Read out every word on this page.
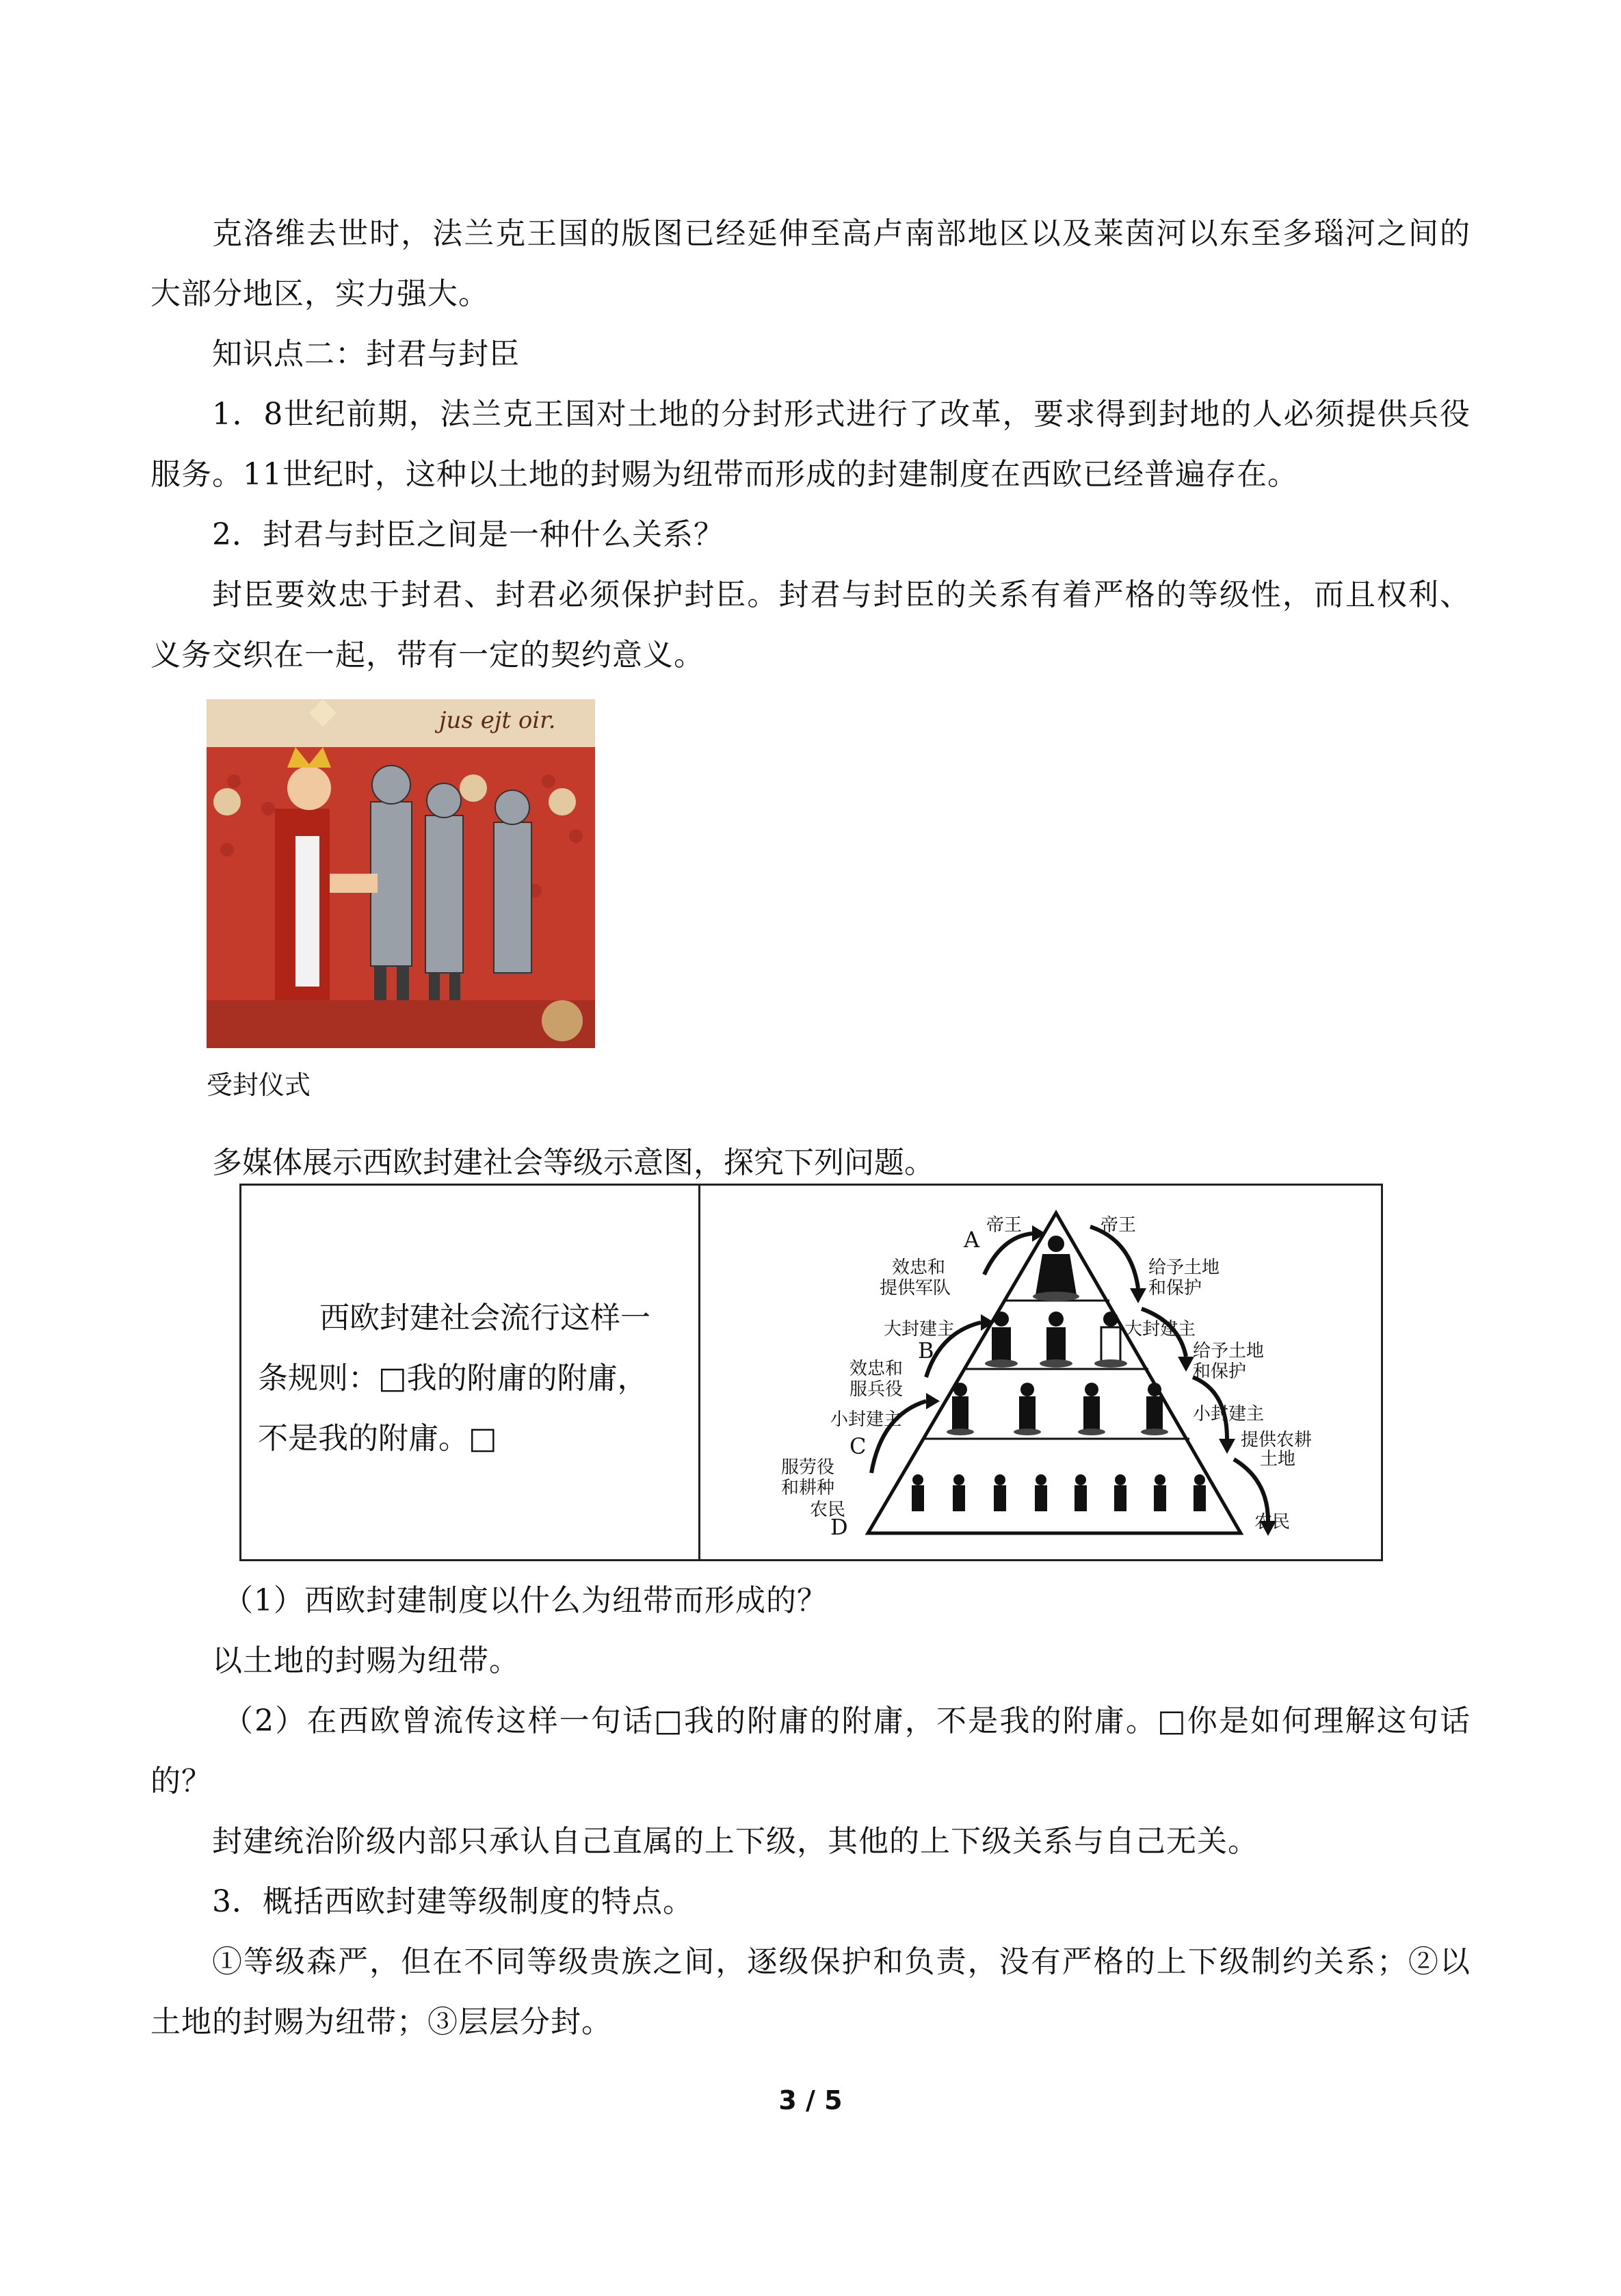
克洛维去世时，法兰克王国的版图已经延伸至高卢南部地区以及莱茵河以东至多瑙河之间的大部分地区，实力强大。

知识点二：封君与封臣

1．8世纪前期，法兰克王国对土地的分封形式进行了改革，要求得到封地的人必须提供兵役服务。11世纪时，这种以土地的封赐为纽带而形成的封建制度在西欧已经普遍存在。

2．封君与封臣之间是一种什么关系？

封臣要效忠于封君、封君必须保护封臣。封君与封臣的关系有着严格的等级性，而且权利、义务交织在一起，带有一定的契约意义。

jus ejt oir.
受封仪式

多媒体展示西欧封建社会等级示意图，探究下列问题。

西欧封建社会流行这样一条规则：□我的附庸的附庸，不是我的附庸。□

帝王
A
效忠和
提供军队
大封建主
B
效忠和
服兵役
小封建主
C
服劳役
和耕种
农民
D
帝王
给予土地
和保护
大封建主
给予土地
和保护
小封建主
提供农耕
土地
农民

（1）西欧封建制度以什么为纽带而形成的？

以土地的封赐为纽带。

（2）在西欧曾流传这样一句话□我的附庸的附庸，不是我的附庸。□你是如何理解这句话的？

封建统治阶级内部只承认自己直属的上下级，其他的上下级关系与自己无关。

3．概括西欧封建等级制度的特点。

①等级森严，但在不同等级贵族之间，逐级保护和负责，没有严格的上下级制约关系；②以土地的封赐为纽带；③层层分封。

3 / 5
